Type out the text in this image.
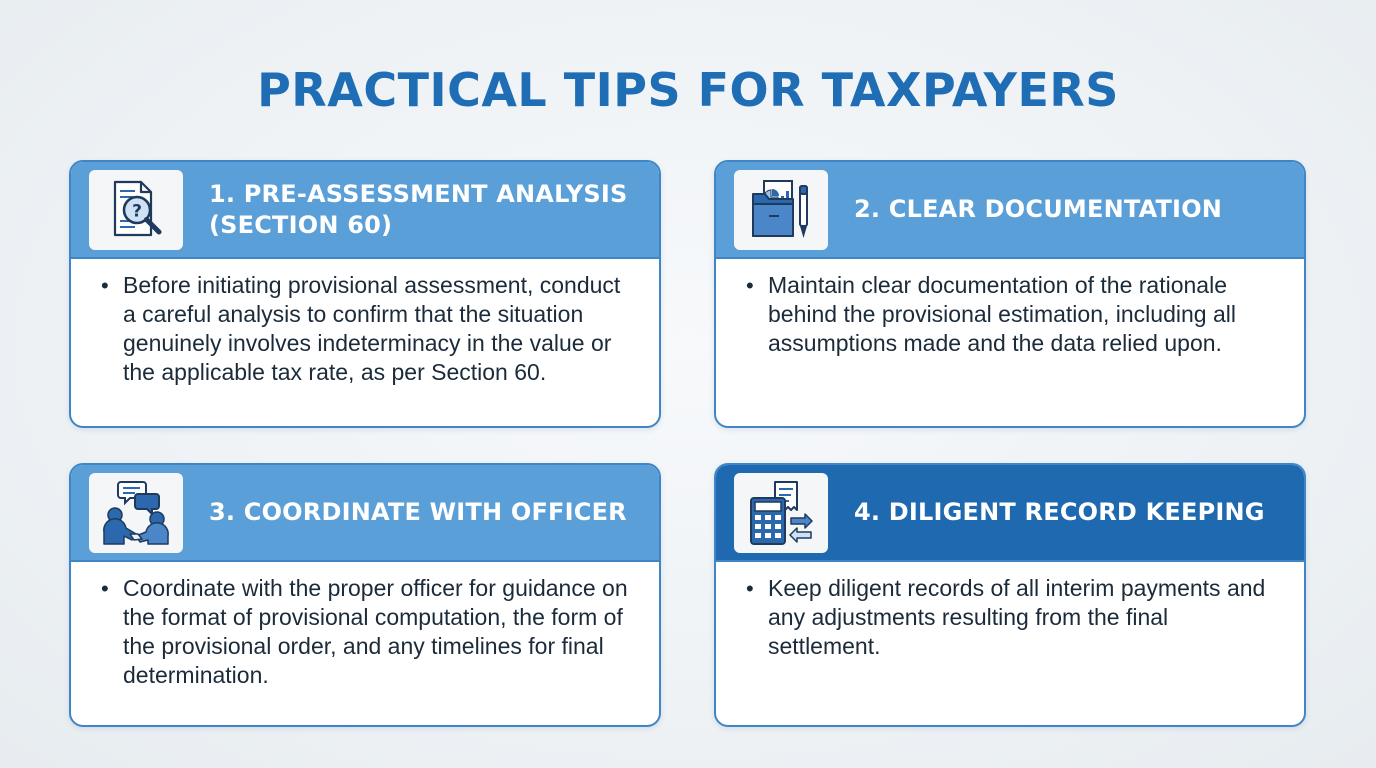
PRACTICAL TIPS FOR TAXPAYERS
?
1. PRE-ASSESSMENT ANALYSIS (SECTION 60)
• Before initiating provisional assessment, conduct a careful analysis to confirm that the situation genuinely involves indeterminacy in the value or the applicable tax rate, as per Section 60.
2. CLEAR DOCUMENTATION
• Maintain clear documentation of the rationale behind the provisional estimation, including all assumptions made and the data relied upon.
3. COORDINATE WITH OFFICER
• Coordinate with the proper officer for guidance on the format of provisional computation, the form of the provisional order, and any timelines for final determination.
4. DILIGENT RECORD KEEPING
• Keep diligent records of all interim payments and any adjustments resulting from the final settlement.
